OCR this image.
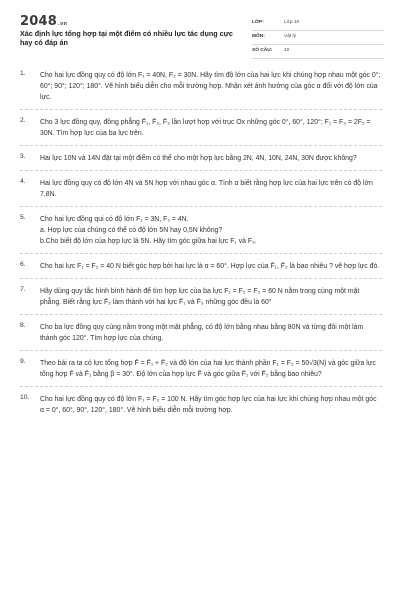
2048.vn
Xác định lực tổng hợp tại một điểm có nhiều lực tác dụng cực hay có đáp án
LỚP:	Lớp 10
MÔN:	Vật lý
SỐ CÂU: 10
1. Cho hai lực đồng quy có độ lớn F₁ = 40N, F₂ = 30N. Hãy tìm độ lớn của hai lực khi chúng hợp nhau một góc 0°; 60°; 90°; 120°; 180°. Vẽ hình biểu diễn cho mỗi trường hợp. Nhận xét ảnh hưởng của góc α đối với độ lớn của lực.
2. Cho 3 lực đồng quy, đồng phẳng F̄₁, F̄₂, F̄₃ lần lượt hợp với trục Ox những góc 0°, 60°, 120°; F₁ = F₃ = 2F₂ = 30N. Tìm hợp lực của ba lực trên.
3. Hai lực 10N và 14N đặt tại một điểm có thể cho một hợp lực bằng 2N, 4N, 10N, 24N, 30N được không?
4. Hai lực đồng quy có độ lớn 4N và 5N hợp với nhau góc α. Tính α biết rằng hợp lực của hai lực trên có độ lớn 7,8N.
5. Cho hai lực đồng qui có độ lớn F₁ = 3N, F₂ = 4N.
a. Hợp lực của chúng có thể có độ lớn 5N hay 0,5N không?
b.Cho biết độ lớn của hợp lực là 5N. Hãy tìm góc giữa hai lực F₁ và F₂.
6. Cho hai lực F₁ = F₂ = 40 N biết góc hợp bởi hai lực là α = 60°. Hợp lực của F̄₁, F̄₂ là bao nhiêu ? vẽ hợp lực đó.
7. Hãy dùng quy tắc hình bình hành để tìm hợp lực của ba lực F₁ = F₂ = F₃ = 60 N nằm trong cùng một mặt phẳng. Biết rằng lực F̄₂ làm thành với hai lực F̄₁ và F̄₃ những góc đều là 60°
8. Cho ba lực đồng quy cùng nằm trong một mặt phẳng, có độ lớn bằng nhau bằng 80N và từng đôi một làm thành góc 120°. Tìm hợp lực của chúng.
9. Theo bài ra ta có lực tổng hợp F̄ = F̄₁ + F̄₂ và độ lớn của hai lực thành phần F₁ = F₂ = 50√3(N) và góc giữa lực tổng hợp F̄ và F̄₁ bằng β = 30°. Độ lớn của hợp lực F̄ và góc giữa F̄₁ với F̄₂ bằng bao nhiêu?
10. Cho hai lực đồng quy có độ lớn F₁ = F₂ = 100 N. Hãy tìm góc hợp lực của hai lực khi chúng hợp nhau một góc α = 0°, 60°, 90°, 120°, 180°. Vẽ hình biểu diễn mỗi trường hợp.
